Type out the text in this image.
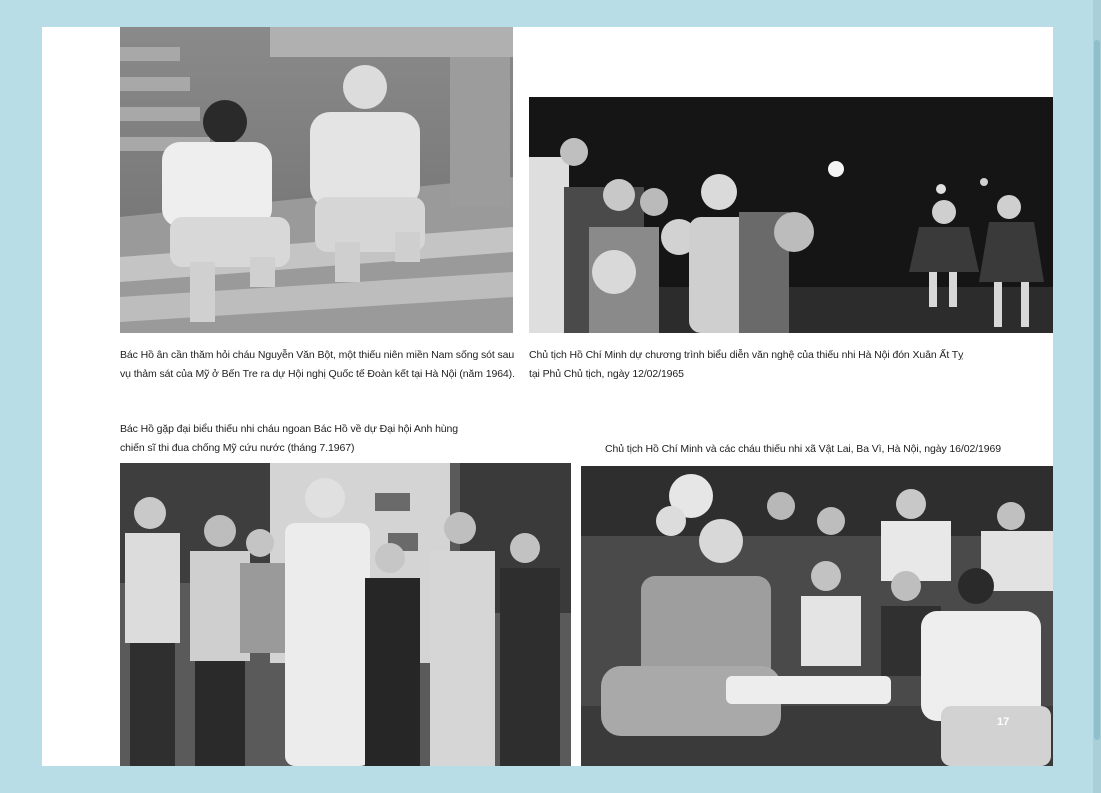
Bác Hồ ân cần thăm hỏi cháu Nguyễn Văn Bột, một thiếu niên miền Nam sống sót sau
vụ thảm sát của Mỹ ở Bến Tre ra dự Hội nghị Quốc tế Đoàn kết tại Hà Nội (năm 1964).
Chủ tịch Hồ Chí Minh dự chương trình biểu diễn văn nghệ của thiếu nhi Hà Nội đón Xuân Ất Tỵ
tại Phủ Chủ tịch, ngày 12/02/1965
Bác Hồ gặp đại biểu thiếu nhi cháu ngoan Bác Hồ về dự Đại hội Anh hùng
chiến sĩ thi đua chống Mỹ cứu nước (tháng 7.1967)	Chủ tịch Hồ Chí Minh và các cháu thiếu nhi xã Vật Lai, Ba Vì, Hà Nội, ngày 16/02/1969
17
